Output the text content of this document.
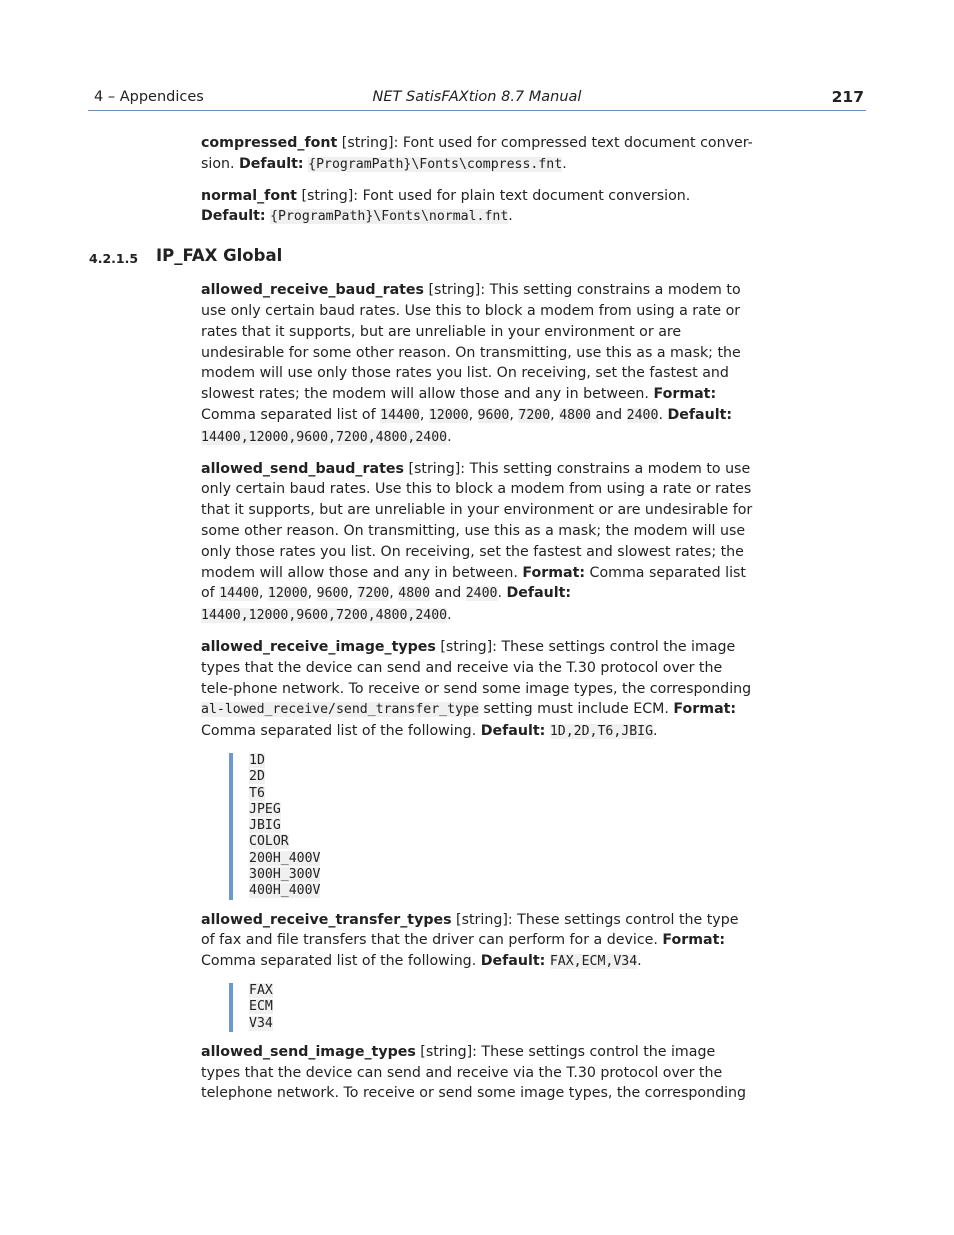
4 – Appendices	NET SatisFAXtion 8.7 Manual	217

compressed_font [string]: Font used for compressed text document conver-sion. Default: {ProgramPath}\Fonts\compress.fnt.

normal_font [string]: Font used for plain text document conversion. Default: {ProgramPath}\Fonts\normal.fnt.

4.2.1.5 IP_FAX Global

allowed_receive_baud_rates [string]: This setting constrains a modem to use only certain baud rates. Use this to block a modem from using a rate or rates that it supports, but are unreliable in your environment or are undesirable for some other reason. On transmitting, use this as a mask; the modem will use only those rates you list. On receiving, set the fastest and slowest rates; the modem will allow those and any in between. Format: Comma separated list of 14400, 12000, 9600, 7200, 4800 and 2400. Default:
14400,12000,9600,7200,4800,2400.

allowed_send_baud_rates [string]: This setting constrains a modem to use only certain baud rates. Use this to block a modem from using a rate or rates that it supports, but are unreliable in your environment or are undesirable for some other reason. On transmitting, use this as a mask; the modem will use only those rates you list. On receiving, set the fastest and slowest rates; the modem will allow those and any in between. Format: Comma separated list of 14400, 12000, 9600, 7200, 4800 and 2400. Default:
14400,12000,9600,7200,4800,2400.

allowed_receive_image_types [string]: These settings control the image types that the device can send and receive via the T.30 protocol over the tele-phone network. To receive or send some image types, the corresponding al-lowed_receive/send_transfer_type setting must include ECM. Format: Comma separated list of the following. Default: 1D,2D,T6,JBIG.

1D
2D
T6
JPEG
JBIG
COLOR
200H_400V
300H_300V
400H_400V

allowed_receive_transfer_types [string]: These settings control the type of fax and file transfers that the driver can perform for a device. Format: Comma separated list of the following. Default: FAX,ECM,V34.

FAX
ECM
V34

allowed_send_image_types [string]: These settings control the image types that the device can send and receive via the T.30 protocol over the telephone network. To receive or send some image types, the corresponding
